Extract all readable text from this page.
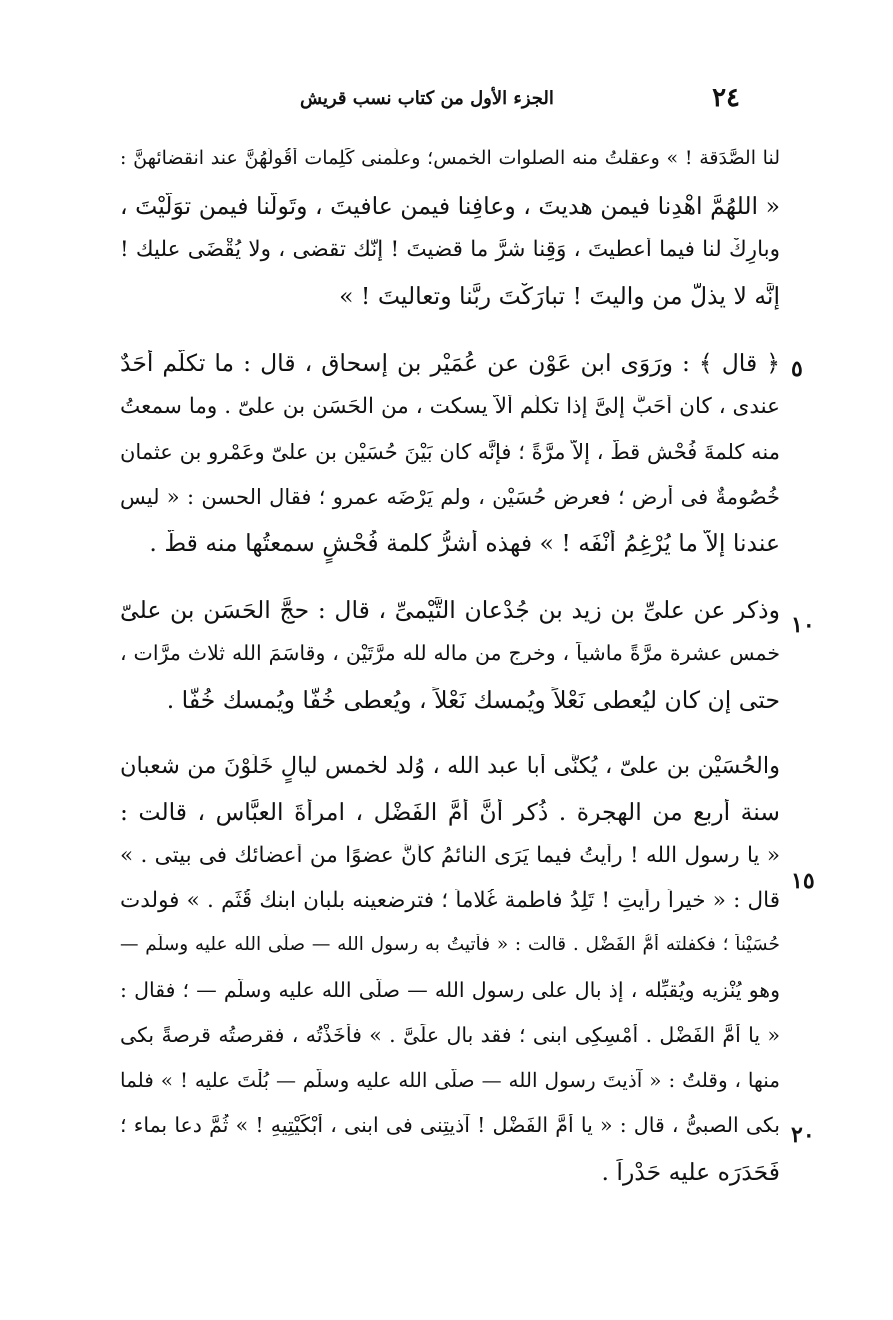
٢٤
الجزء الأول من كتاب نسب قريش
٥
١٠
١٥
٢٠
لنا الصَّدَقة ! » وعقلتُ منه الصلوات الخمس؛ وعلَّمنى كَلِمات أقُولُهُنَّ عند انقضائهنَّ :
« اللهُمَّ اهْدِنا فيمن هديتَ ، وعافِنا فيمن عافيتَ ، وتَولَّنا فيمن توَلَّيْتَ ،
وبارِكْ لنا فيما أعطيتَ ، وَقِنا شرَّ ما قضيتَ ! إنَّك تقضى ، ولا يُقْضَى عليك !
إنَّه لا يذلُّ من واليتَ ! تبارَكْتَ ربَّنا وتعاليتَ ! »
﴿ قال ﴾ : ورَوَى ابن عَوْن عن عُمَيْر بن إسحاق ، قال : ما تكلَّم أحَدٌ
عندى ، كان أحَبَّ إلىَّ إذا تكلَّم ألاَّ يسكت ، من الحَسَن بن علىّ . وما سمعتُ
منه كلمةَ فُحْش قطُّ ، إلاَّ مرَّةً ؛ فإنَّه كان بَيْنَ حُسَيْن بن علىّ وعَمْرو بن عثمان
خُصُومةٌ فى أرض ؛ فعرض حُسَيْن ، ولم يَرْضَه عمرو ؛ فقال الحسن : « ليس
عندنا إلاَّ ما يُرْغِمُ أنْفَه ! » فهذه أشرُّ كلمة فُحْشٍ سمعتُها منه قطُّ .
وذكر عن علىِّ بن زيد بن جُدْعان التَّيْمىِّ ، قال : حجَّ الحَسَن بن علىّ
خمس عشرة مرَّةً ماشياً ، وخرج من ماله لله مرَّتَيْن ، وقاسَمَ الله ثلاث مرَّات ،
حتى إن كان ليُعطى نَعْلاً ويُمسك نَعْلاً ، ويُعطى خُفًّا ويُمسك خُفًّا .
والحُسَيْن بن علىّ ، يُكنَّى أبا عبد الله ، وُلد لخمس ليالٍ خَلَوْنَ من شعبان
سنة أربع من الهجرة . ذُكر أنَّ أُمَّ الفَضْل ، امرأةَ العبَّاس ، قالت :
« يا رسول الله ! رأيتُ فيما يَرَى النائمُ كأنَّ عضوًا من أعضائك فى بيتى . »
قال : « خيراً رأيتِ ! تَلِدُ فاطمة غُلاماً ؛ فترضعينه بلبان ابنك قُثَم . » فولدت
حُسَيْناً ؛ فكفلته أُمُّ الفَضْل . قالت : « فأتيتُ به رسول الله — صلَّى الله عليه وسلَّم —
وهو يُنْزيه ويُقبِّله ، إذ بال على رسول الله — صلَّى الله عليه وسلَّم — ؛ فقال :
« يا أُمَّ الفَضْل . أمْسِكِى ابنى ؛ فقد بال علَىَّ . » فأخَذْتُه ، فقرصتُه قرصةً بكى
منها ، وقلتُ : « آذيتَ رسول الله — صلَّى الله عليه وسلَّم — بُلْتَ عليه ! » فلما
بكى الصبىُّ ، قال : « يا أُمَّ الفَضْل ! آذيتِنى فى ابنى ، أبْكَيْتِيهِ ! » ثُمَّ دعا بماء ؛
فَحَدَرَه عليه حَدْراً .
